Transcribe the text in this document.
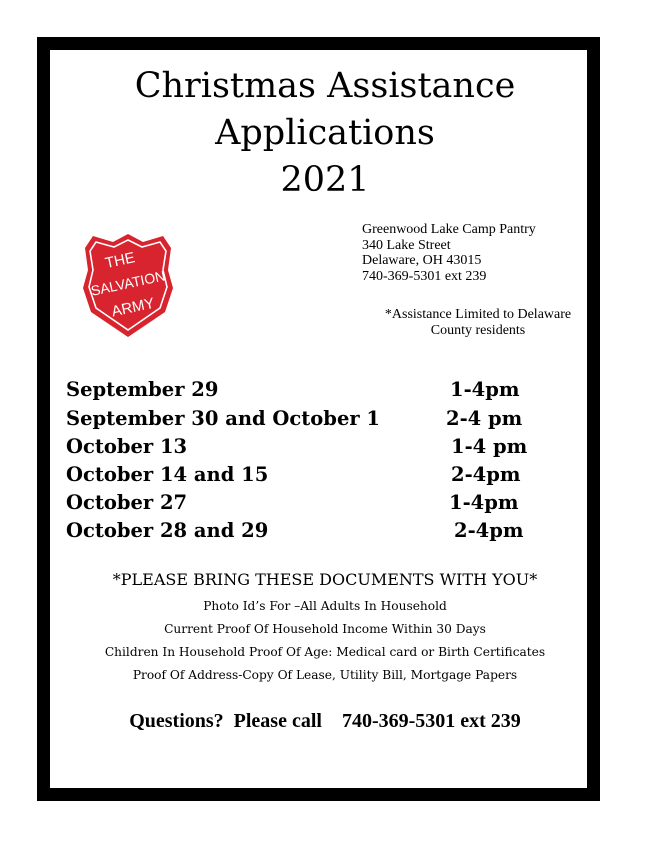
Christmas Assistance
Applications
2021
THE
SALVATION
ARMY
Greenwood Lake Camp Pantry
340 Lake Street
Delaware, OH 43015
740-369-5301 ext 239
*Assistance Limited to Delaware
County residents
September 29	1-4pm
September 30 and October 1	2-4 pm
October 13	1-4 pm
October 14 and 15	2-4pm
October 27	1-4pm
October 28 and 29	2-4pm
*PLEASE BRING THESE DOCUMENTS WITH YOU*
Photo Id’s For –All Adults In Household
Current Proof Of Household Income Within 30 Days
Children In Household Proof Of Age: Medical card or Birth Certificates
Proof Of Address-Copy Of Lease, Utility Bill, Mortgage Papers
Questions?  Please call    740-369-5301 ext 239
